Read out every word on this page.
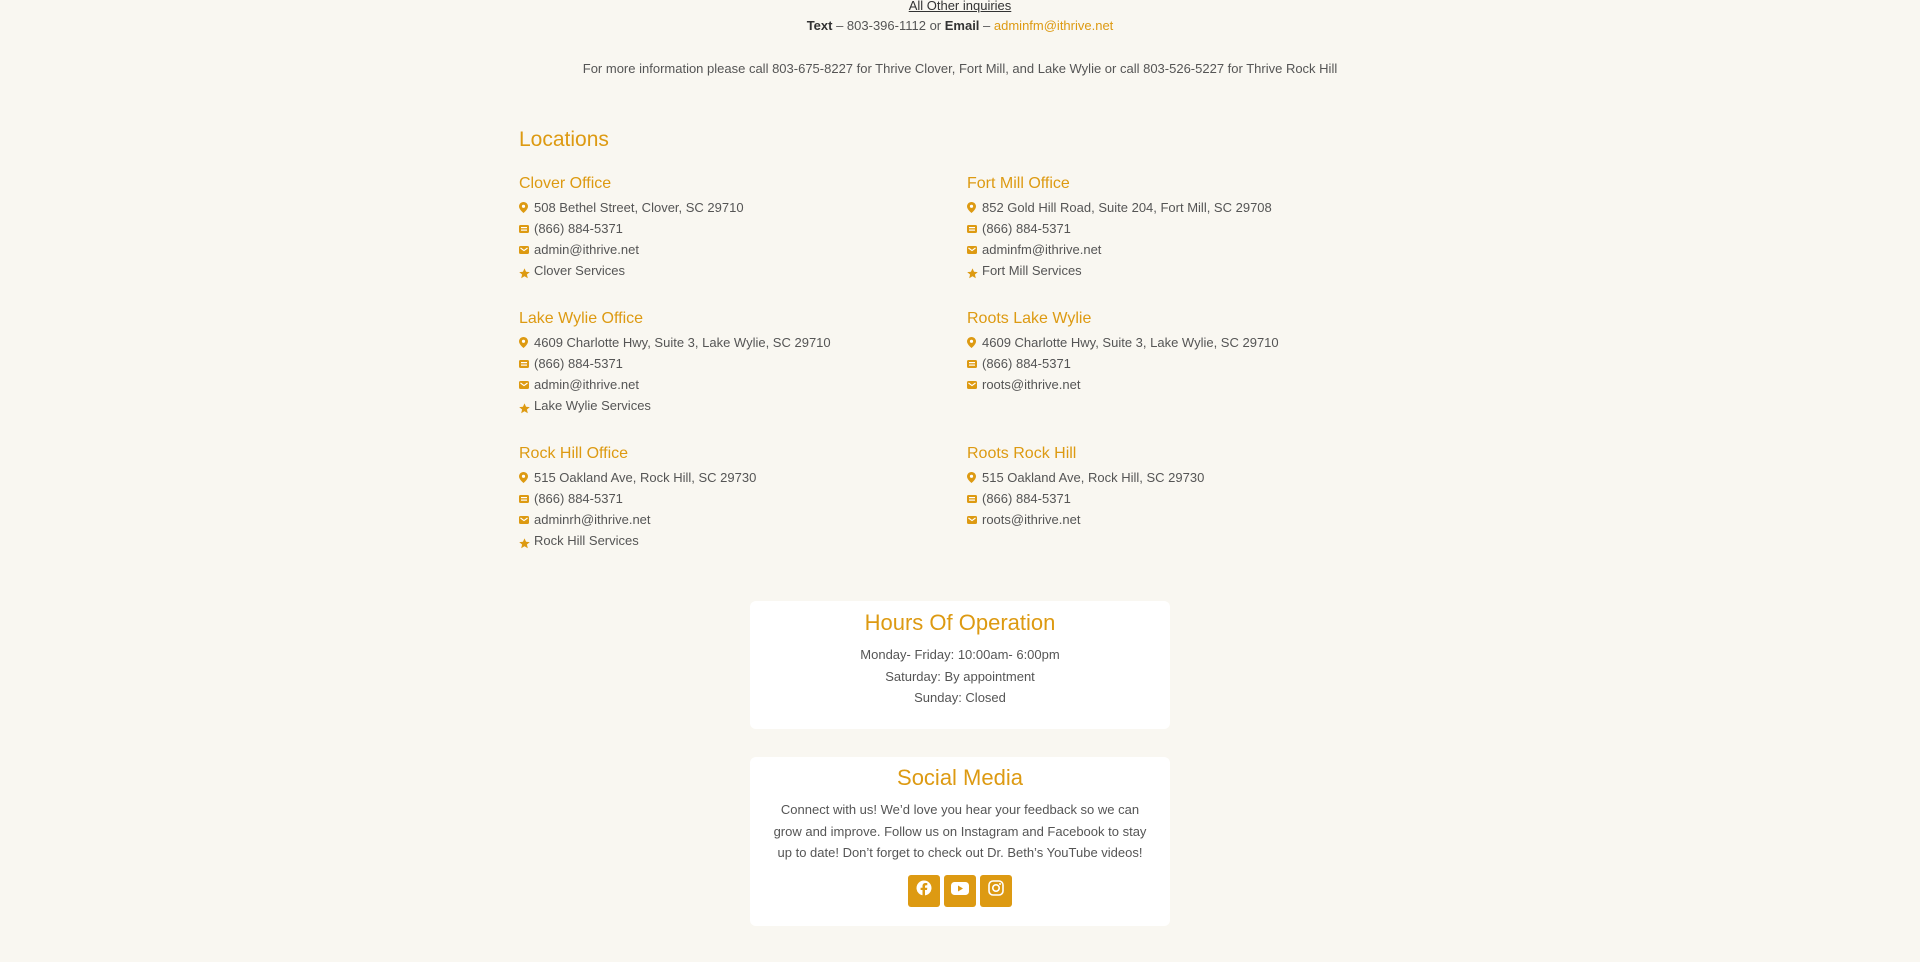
All Other inquiries
Text – 803-396-1112 or Email – adminfm@ithrive.net
For more information please call 803-675-8227 for Thrive Clover, Fort Mill, and Lake Wylie or call 803-526-5227 for Thrive Rock Hill
Locations
Clover Office
508 Bethel Street, Clover, SC 29710
(866) 884-5371
admin@ithrive.net
Clover Services
Fort Mill Office
852 Gold Hill Road, Suite 204, Fort Mill, SC 29708
(866) 884-5371
adminfm@ithrive.net
Fort Mill Services
Lake Wylie Office
4609 Charlotte Hwy, Suite 3, Lake Wylie, SC 29710
(866) 884-5371
admin@ithrive.net
Lake Wylie Services
Roots Lake Wylie
4609 Charlotte Hwy, Suite 3, Lake Wylie, SC 29710
(866) 884-5371
roots@ithrive.net
Rock Hill Office
515 Oakland Ave, Rock Hill, SC 29730
(866) 884-5371
adminrh@ithrive.net
Rock Hill Services
Roots Rock Hill
515 Oakland Ave, Rock Hill, SC 29730
(866) 884-5371
roots@ithrive.net
Hours Of Operation
Monday- Friday: 10:00am- 6:00pm
Saturday: By appointment
Sunday: Closed
Social Media
Connect with us! We’d love you hear your feedback so we can grow and improve. Follow us on Instagram and Facebook to stay up to date! Don’t forget to check out Dr. Beth’s YouTube videos!
